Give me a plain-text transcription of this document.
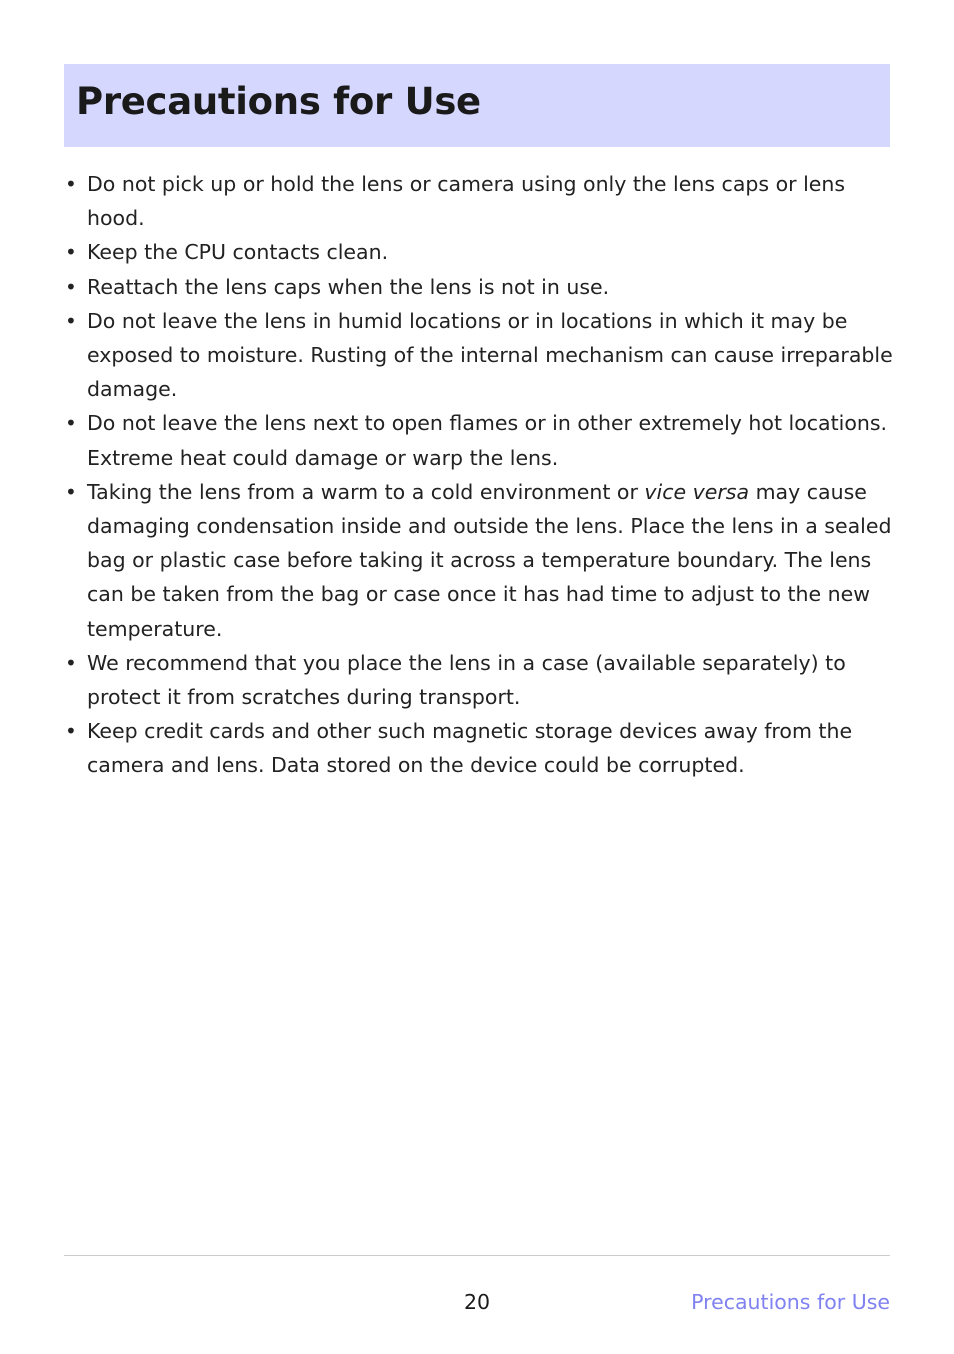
Precautions for Use
• Do not pick up or hold the lens or camera using only the lens caps or lens hood.
• Keep the CPU contacts clean.
• Reattach the lens caps when the lens is not in use.
• Do not leave the lens in humid locations or in locations in which it may be exposed to moisture. Rusting of the internal mechanism can cause irreparable damage.
• Do not leave the lens next to open flames or in other extremely hot locations. Extreme heat could damage or warp the lens.
• Taking the lens from a warm to a cold environment or vice versa may cause damaging condensation inside and outside the lens. Place the lens in a sealed bag or plastic case before taking it across a temperature boundary. The lens can be taken from the bag or case once it has had time to adjust to the new temperature.
• We recommend that you place the lens in a case (available separately) to protect it from scratches during transport.
• Keep credit cards and other such magnetic storage devices away from the camera and lens. Data stored on the device could be corrupted.
20	Precautions for Use
